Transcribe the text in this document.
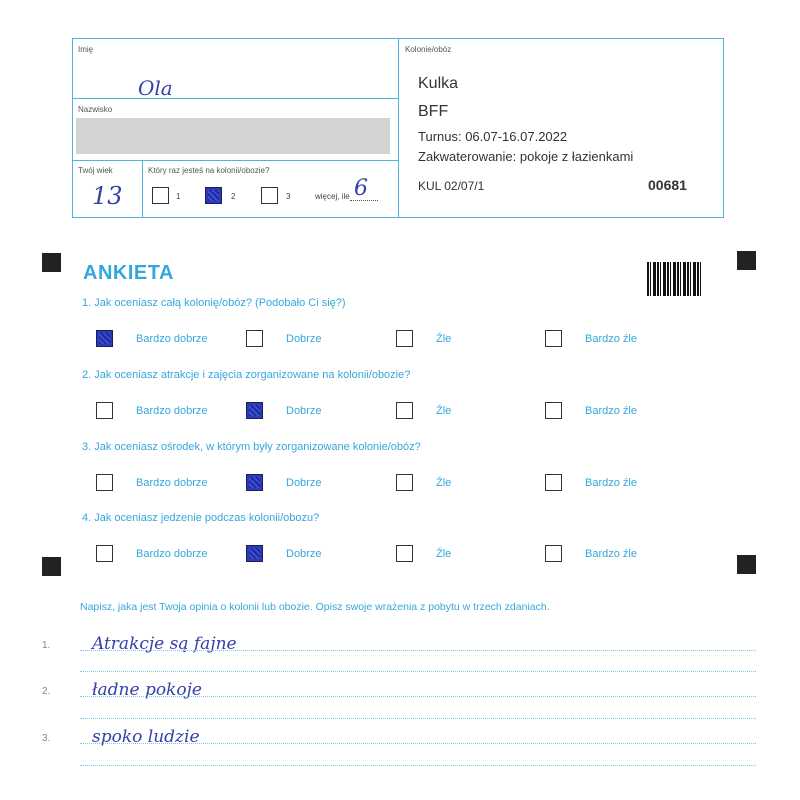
Imię
Ola
Nazwisko
Twój wiek
13
Który raz jesteś na kolonii/obozie?
1	2	3	więcej, ile 6
Kolonie/obóz
Kulka
BFF
Turnus: 06.07-16.07.2022
Zakwaterowanie: pokoje z łazienkami
KUL 02/07/1	00681
ANKIETA
1. Jak oceniasz całą kolonię/obóz? (Podobało Ci się?)
Bardzo dobrze	Dobrze	Źle	Bardzo źle
2. Jak oceniasz atrakcje i zajęcia zorganizowane na kolonii/obozie?
Bardzo dobrze	Dobrze	Źle	Bardzo źle
3. Jak oceniasz ośrodek, w którym były zorganizowane kolonie/obóz?
Bardzo dobrze	Dobrze	Źle	Bardzo źle
4. Jak oceniasz jedzenie podczas kolonii/obozu?
Bardzo dobrze	Dobrze	Źle	Bardzo źle
Napisz, jaka jest Twoja opinia o kolonii lub obozie. Opisz swoje wrażenia z pobytu w trzech zdaniach.
1. Atrakcje są fajne
2. ładne pokoje
3. spoko ludzie
